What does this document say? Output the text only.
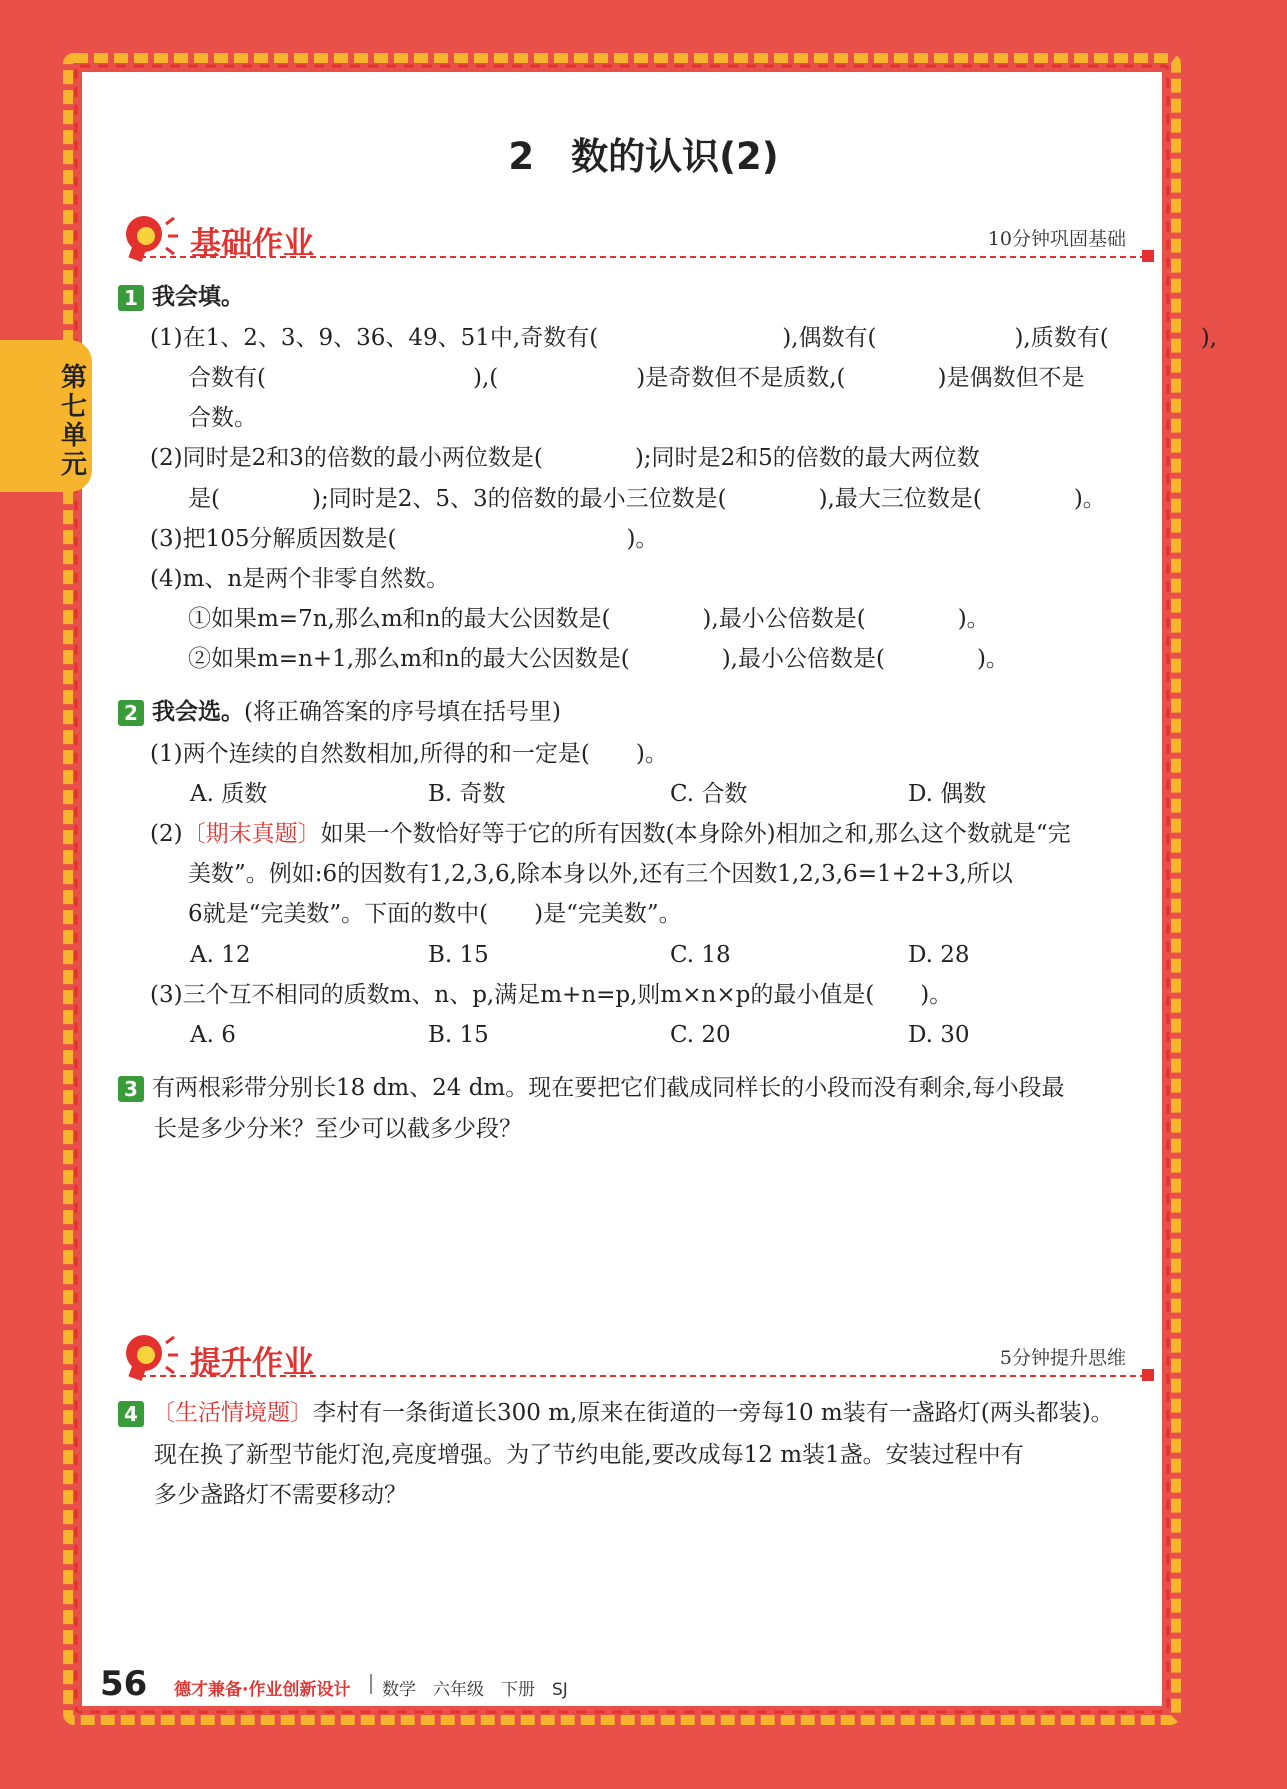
第七单元
2　数的认识(2)
基础作业	10分钟巩固基础
1 我会填。
(1)在1、2、3、9、36、49、51中,奇数有(　　　　　　　　),偶数有(　　　　　　),质数有(　　　　),
合数有(　　　　　　　　　),(　　　　　　)是奇数但不是质数,(　　　　)是偶数但不是
合数。
(2)同时是2和3的倍数的最小两位数是(　　　　);同时是2和5的倍数的最大两位数
是(　　　　);同时是2、5、3的倍数的最小三位数是(　　　　),最大三位数是(　　　　)。
(3)把105分解质因数是(　　　　　　　　　　)。
(4)m、n是两个非零自然数。
①如果m=7n,那么m和n的最大公因数是(　　　　),最小公倍数是(　　　　)。
②如果m=n+1,那么m和n的最大公因数是(　　　　),最小公倍数是(　　　　)。
2 我会选。(将正确答案的序号填在括号里)
(1)两个连续的自然数相加,所得的和一定是(　　)。
A. 质数	B. 奇数	C. 合数	D. 偶数
(2)〔期末真题〕如果一个数恰好等于它的所有因数(本身除外)相加之和,那么这个数就是“完
美数”。例如:6的因数有1,2,3,6,除本身以外,还有三个因数1,2,3,6=1+2+3,所以
6就是“完美数”。下面的数中(　　)是“完美数”。
A. 12	B. 15	C. 18	D. 28
(3)三个互不相同的质数m、n、p,满足m+n=p,则m×n×p的最小值是(　　)。
A. 6	B. 15	C. 20	D. 30
3 有两根彩带分别长18 dm、24 dm。现在要把它们截成同样长的小段而没有剩余,每小段最
长是多少分米？至少可以截多少段？
提升作业	5分钟提升思维
4 〔生活情境题〕李村有一条街道长300 m,原来在街道的一旁每10 m装有一盏路灯(两头都装)。
现在换了新型节能灯泡,亮度增强。为了节约电能,要改成每12 m装1盏。安装过程中有
多少盏路灯不需要移动？
56 德才兼备·作业创新设计 数学　六年级　下册　SJ
